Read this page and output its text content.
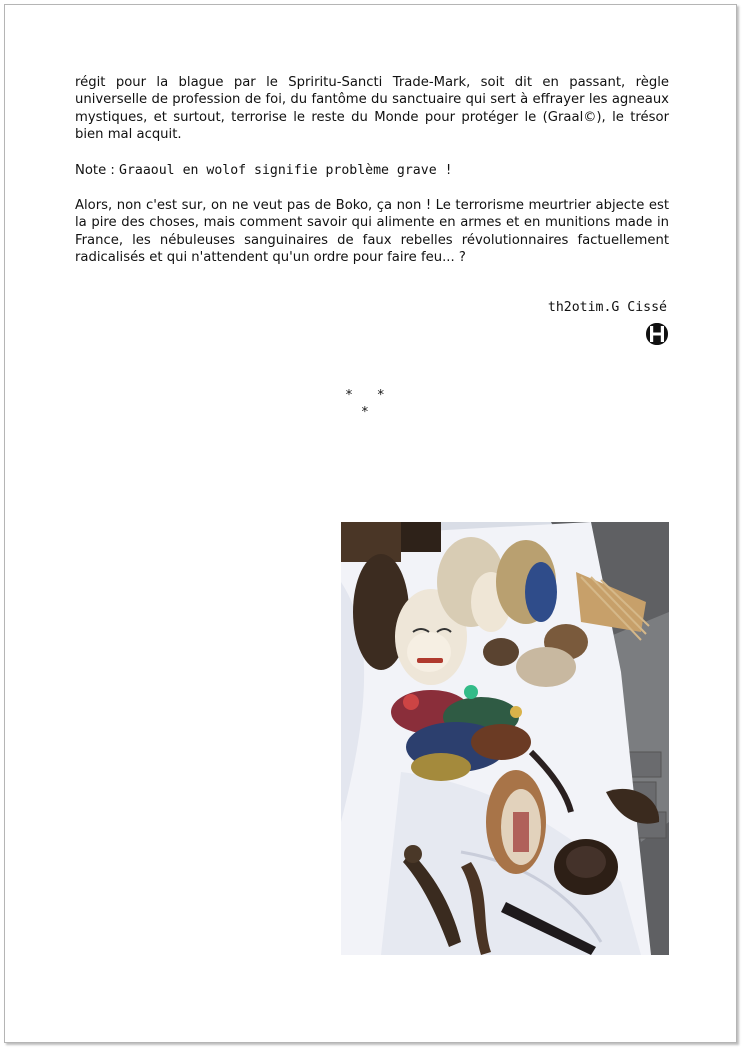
régit pour la blague par le Spriritu-Sancti Trade-Mark, soit dit en passant, règle universelle de profession de foi, du fantôme du sanctuaire qui sert à effrayer les agneaux mystiques, et surtout, terrorise le reste du Monde pour protéger le (Graal©), le trésor bien mal acquit.

Note : Graaoul en wolof signifie problème grave !

Alors, non c'est sur, on ne veut pas de Boko, ça non ! Le terrorisme meurtrier abjecte est la pire des choses, mais comment savoir qui alimente en armes et en munitions made in France, les nébuleuses sanguinaires de faux rebelles révolutionnaires factuellement radicalisés et qui n'attendent qu'un ordre pour faire feu... ?

th2otim.G Cissé
*   *
*
